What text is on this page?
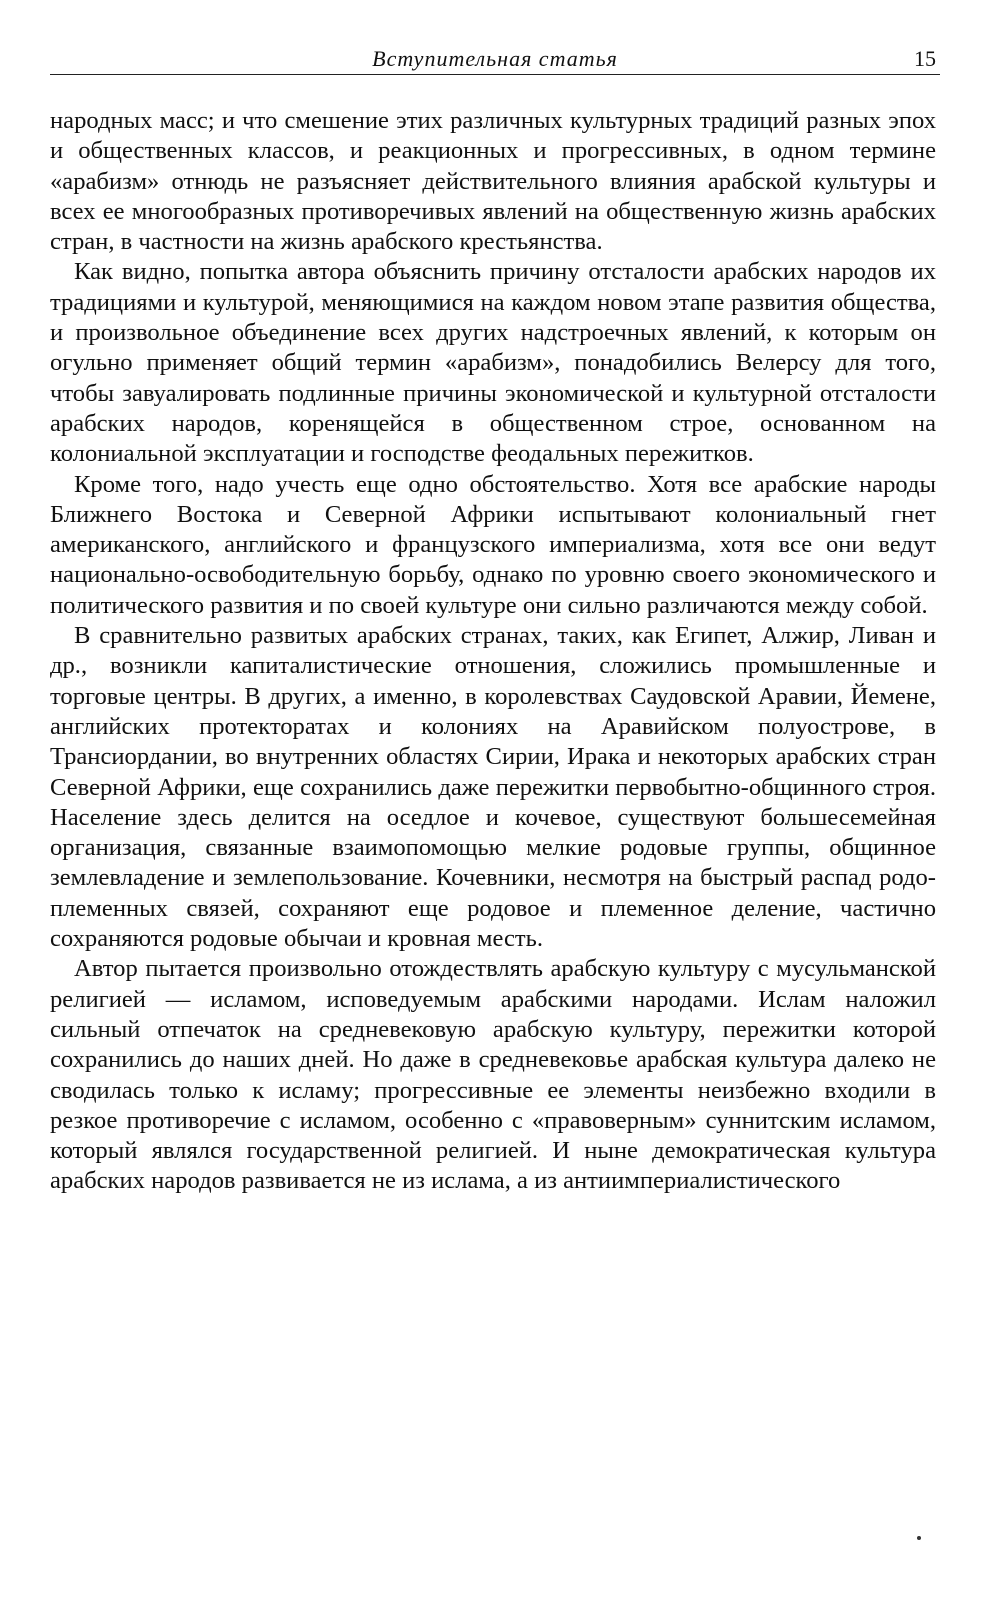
Вступительная статья	15

народных масс; и что смешение этих различных культурных традиций разных эпох и общественных классов, и реакционных и прогрессивных, в одном термине «арабизм» отнюдь не разъясняет действительного влияния арабской культуры и всех ее многообразных противоречивых явлений на общественную жизнь арабских стран, в частности на жизнь арабского крестьянства.

Как видно, попытка автора объяснить причину отсталости арабских народов их традициями и культурой, меняющимися на каждом новом этапе развития общества, и произвольное объединение всех других надстроечных явлений, к которым он огульно применяет общий термин «арабизм», понадобились Велерсу для того, чтобы завуалировать подлинные причины экономической и культурной отсталости арабских народов, коренящейся в общественном строе, основанном на колониальной эксплуатации и господстве феодальных пережитков.

Кроме того, надо учесть еще одно обстоятельство. Хотя все арабские народы Ближнего Востока и Северной Африки испытывают колониальный гнет американского, английского и французского империализма, хотя все они ведут национально-освободительную борьбу, однако по уровню своего экономического и политического развития и по своей культуре они сильно различаются между собой.

В сравнительно развитых арабских странах, таких, как Египет, Алжир, Ливан и др., возникли капиталистические отношения, сложились промышленные и торговые центры. В других, а именно, в королевствах Саудовской Аравии, Йемене, английских протекторатах и колониях на Аравийском полуострове, в Трансиордании, во внутренних областях Сирии, Ирака и некоторых арабских стран Северной Африки, еще сохранились даже пережитки первобытно-общинного строя. Население здесь делится на оседлое и кочевое, существуют большесемейная организация, связанные взаимопомощью мелкие родовые группы, общинное землевладение и землепользование. Кочевники, несмотря на быстрый распад родо-племенных связей, сохраняют еще родовое и племенное деление, частично сохраняются родовые обычаи и кровная месть.

Автор пытается произвольно отождествлять арабскую культуру с мусульманской религией — исламом, исповедуемым арабскими народами. Ислам наложил сильный отпечаток на средневековую арабскую культуру, пережитки которой сохранились до наших дней. Но даже в средневековье арабская культура далеко не сводилась только к исламу; прогрессивные ее элементы неизбежно входили в резкое противоречие с исламом, особенно с «правоверным» суннитским исламом, который являлся государственной религией. И ныне демократическая культура арабских народов развивается не из ислама, а из антиимпериалистического
